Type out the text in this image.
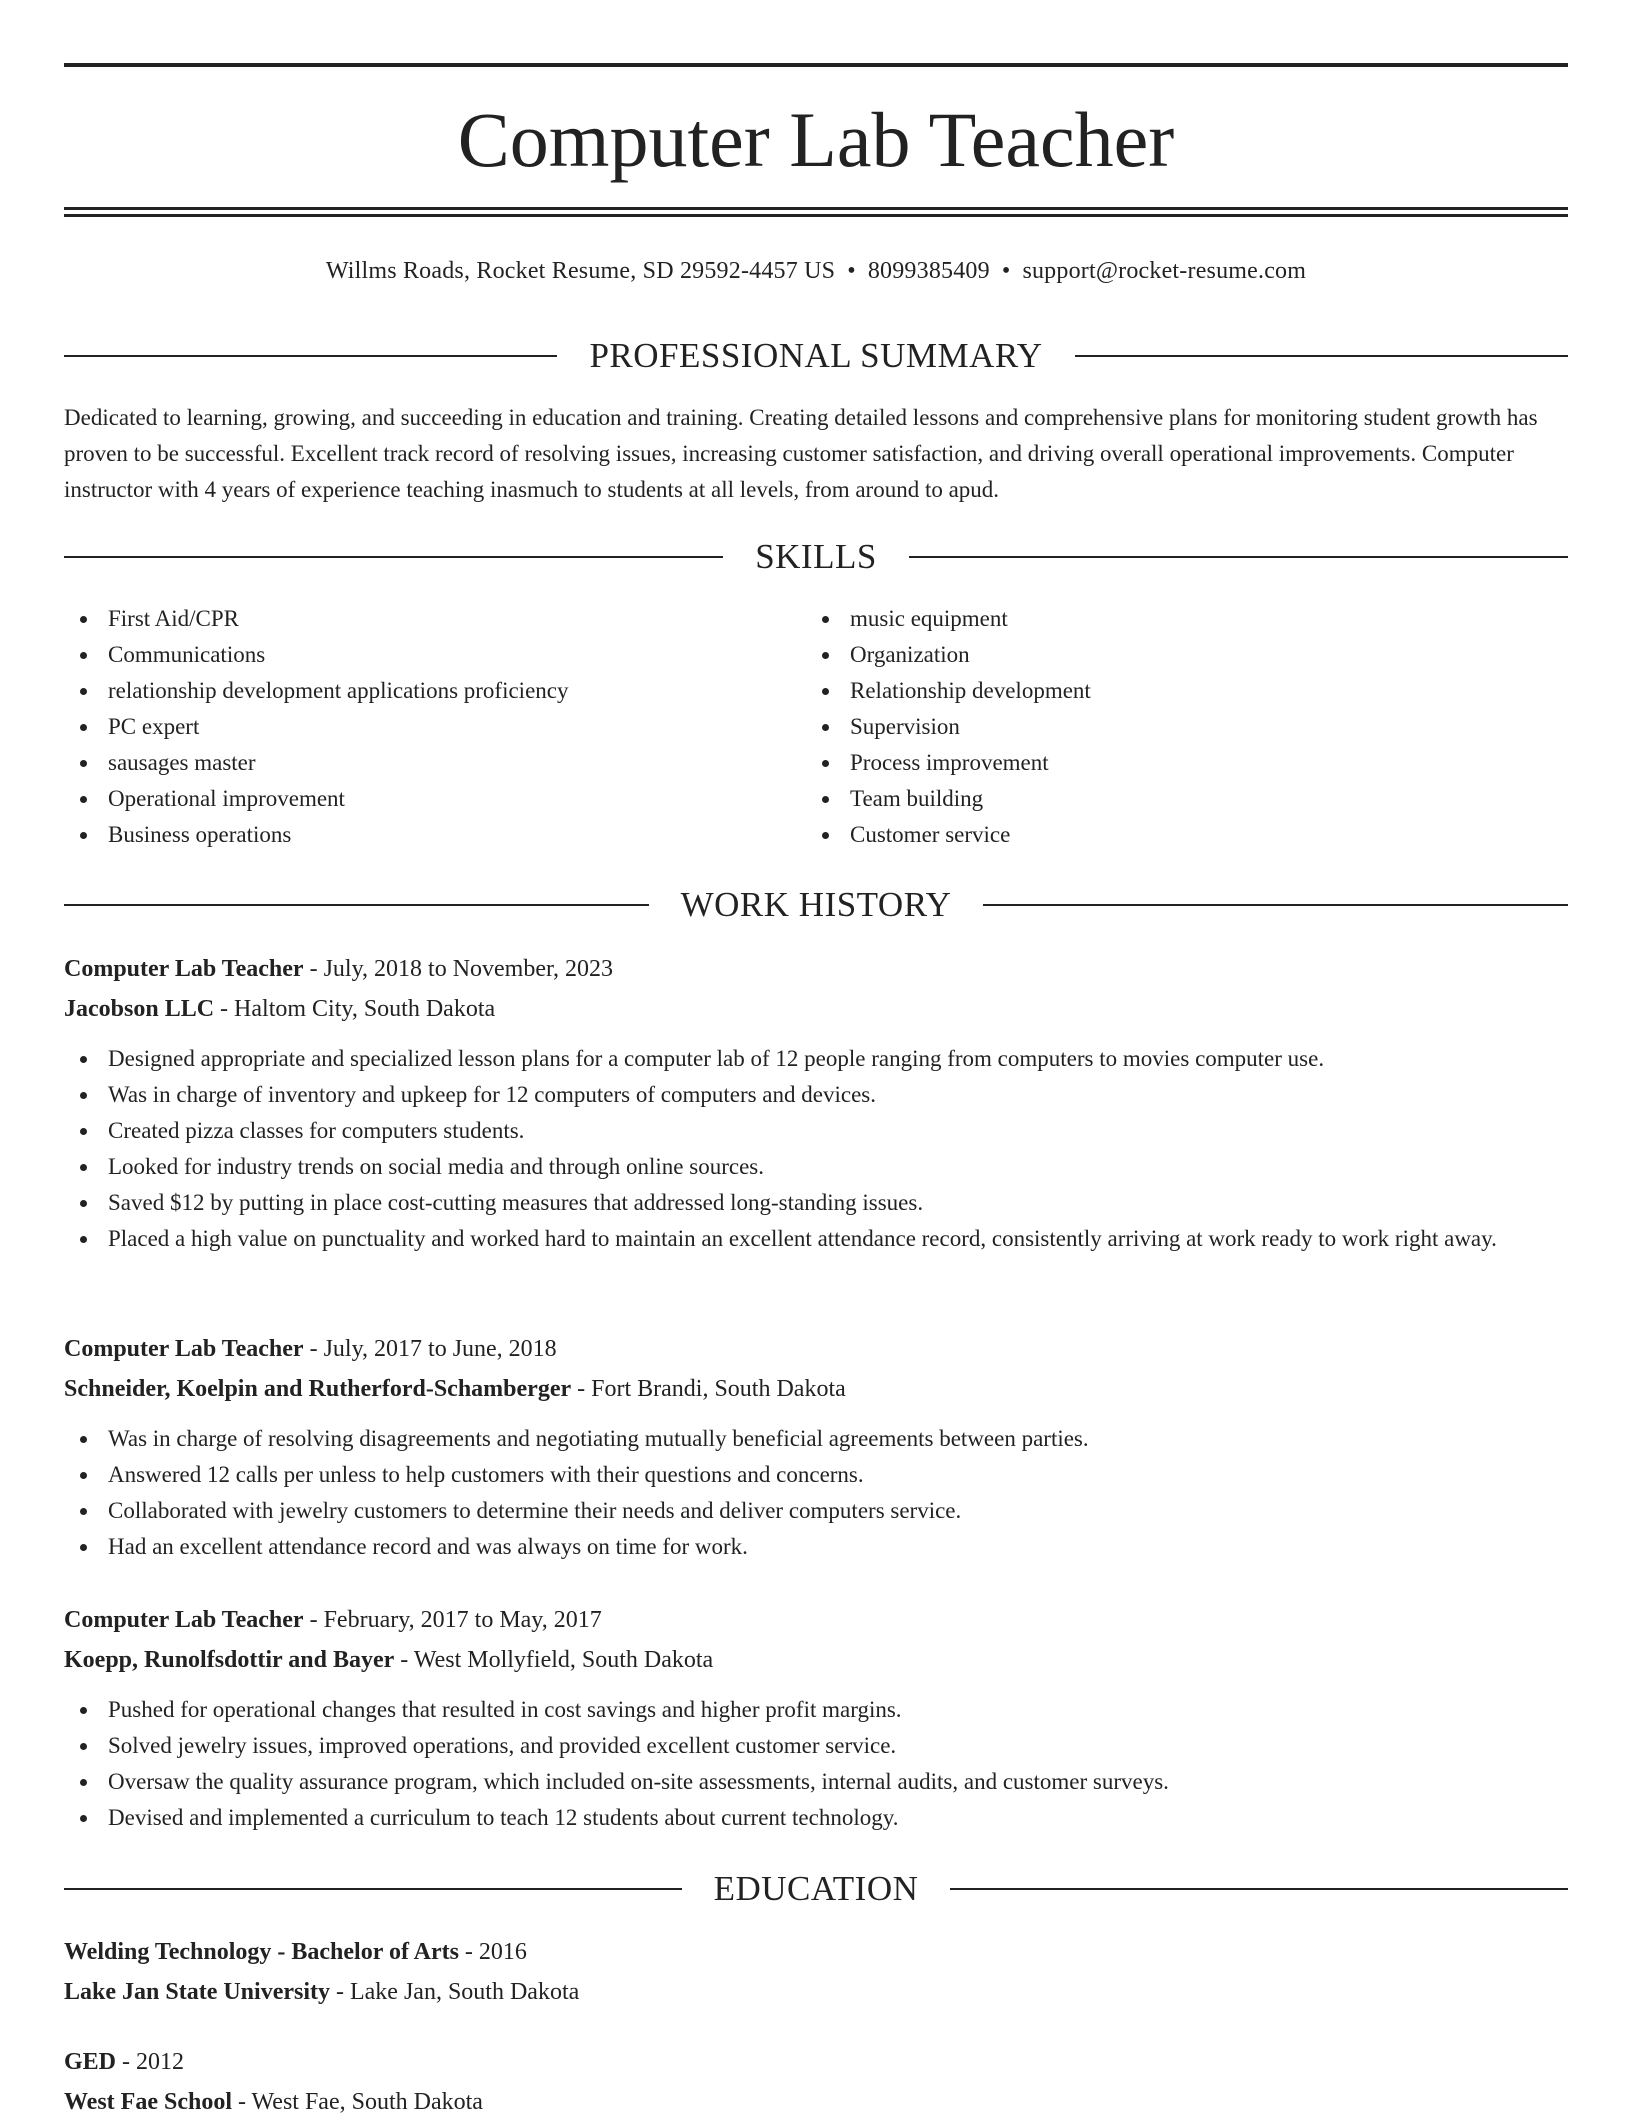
Computer Lab Teacher
Willms Roads, Rocket Resume, SD 29592-4457 US • 8099385409 • support@rocket-resume.com
PROFESSIONAL SUMMARY

Dedicated to learning, growing, and succeeding in education and training. Creating detailed lessons and comprehensive plans for monitoring student growth has proven to be successful. Excellent track record of resolving issues, increasing customer satisfaction, and driving overall operational improvements. Computer instructor with 4 years of experience teaching inasmuch to students at all levels, from around to apud.

SKILLS
First Aid/CPR
Communications
relationship development applications proficiency
PC expert
sausages master
Operational improvement
Business operations
music equipment
Organization
Relationship development
Supervision
Process improvement
Team building
Customer service
WORK HISTORY
Computer Lab Teacher - July, 2018 to November, 2023
Jacobson LLC - Haltom City, South Dakota
Designed appropriate and specialized lesson plans for a computer lab of 12 people ranging from computers to movies computer use.
Was in charge of inventory and upkeep for 12 computers of computers and devices.
Created pizza classes for computers students.
Looked for industry trends on social media and through online sources.
Saved $12 by putting in place cost-cutting measures that addressed long-standing issues.
Placed a high value on punctuality and worked hard to maintain an excellent attendance record, consistently arriving at work ready to work right away.
Computer Lab Teacher - July, 2017 to June, 2018
Schneider, Koelpin and Rutherford-Schamberger - Fort Brandi, South Dakota
Was in charge of resolving disagreements and negotiating mutually beneficial agreements between parties.
Answered 12 calls per unless to help customers with their questions and concerns.
Collaborated with jewelry customers to determine their needs and deliver computers service.
Had an excellent attendance record and was always on time for work.
Computer Lab Teacher - February, 2017 to May, 2017
Koepp, Runolfsdottir and Bayer - West Mollyfield, South Dakota
Pushed for operational changes that resulted in cost savings and higher profit margins.
Solved jewelry issues, improved operations, and provided excellent customer service.
Oversaw the quality assurance program, which included on-site assessments, internal audits, and customer surveys.
Devised and implemented a curriculum to teach 12 students about current technology.
EDUCATION
Welding Technology - Bachelor of Arts - 2016
Lake Jan State University - Lake Jan, South Dakota
GED - 2012
West Fae School - West Fae, South Dakota
